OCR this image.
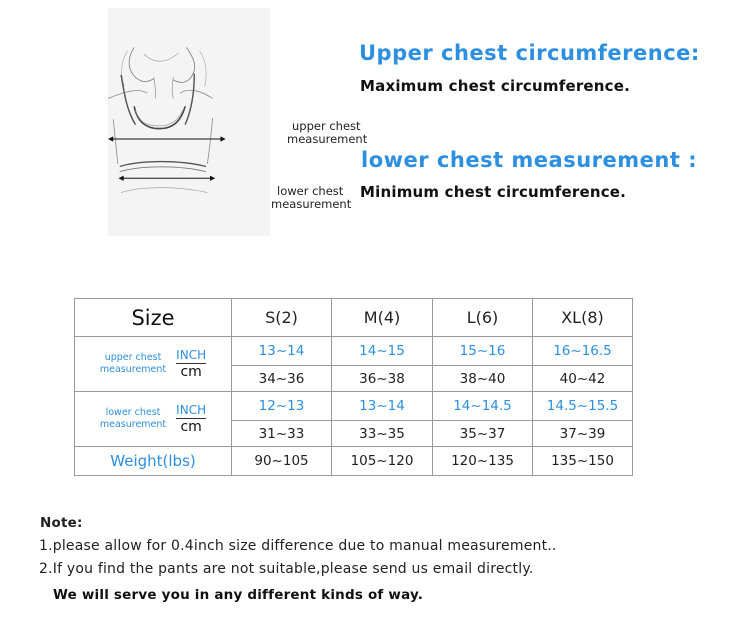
upper chest
measurement
lower chest
measurement
Upper chest circumference:
Maximum chest circumference.
lower chest measurement :
Minimum chest circumference.
Size	S(2)	M(4)	L(6)	XL(8)

upper chest
measurement
INCH
cm	13~14	14~15	15~16	16~16.5
	34~36	36~38	38~40	40~42

lower chest
measurement
INCH
cm	12~13	13~14	14~14.5	14.5~15.5
	31~33	33~35	35~37	37~39
Weight(lbs)	90~105	105~120	120~135	135~150
Note:
1.please allow for 0.4inch size difference due to manual measurement..
2.If you find the pants are not suitable,please send us email directly.
We will serve you in any different kinds of way.
